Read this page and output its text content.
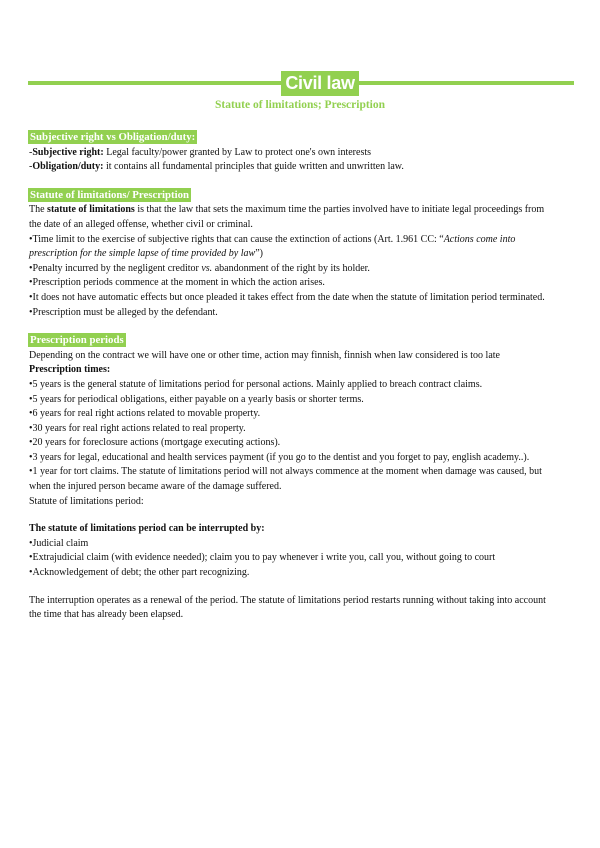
Civil law
Statute of limitations; Prescription
Subjective right vs Obligation/duty:

-Subjective right: Legal faculty/power granted by Law to protect one's own interests

-Obligation/duty: it contains all fundamental principles that guide written and unwritten law.

Statute of limitations/ Prescription

The statute of limitations is that the law that sets the maximum time the parties involved have to initiate legal proceedings from the date of an alleged offense, whether civil or criminal.

•Time limit to the exercise of subjective rights that can cause the extinction of actions (Art. 1.961 CC: “Actions come into prescription for the simple lapse of time provided by law”)

•Penalty incurred by the negligent creditor vs. abandonment of the right by its holder.

•Prescription periods commence at the moment in which the action arises.

•It does not have automatic effects but once pleaded it takes effect from the date when the statute of limitation period terminated.

•Prescription must be alleged by the defendant.

Prescription periods

Depending on the contract we will have one or other time, action may finnish, finnish when law considered is too late

Prescription times:

•5 years is the general statute of limitations period for personal actions. Mainly applied to breach contract claims.

•5 years for periodical obligations, either payable on a yearly basis or shorter terms.

•6 years for real right actions related to movable property.

•30 years for real right actions related to real property.

•20 years for foreclosure actions (mortgage executing actions).

•3 years for legal, educational and health services payment (if you go to the dentist and you forget to pay, english academy..).

•1 year for tort claims. The statute of limitations period will not always commence at the moment when damage was caused, but when the injured person became aware of the damage suffered.

Statute of limitations period:

The statute of limitations period can be interrupted by:

•Judicial claim

•Extrajudicial claim (with evidence needed); claim you to pay whenever i write you, call you, without going to court

•Acknowledgement of debt; the other part recognizing.

The interruption operates as a renewal of the period. The statute of limitations period restarts running without taking into account the time that has already been elapsed.
